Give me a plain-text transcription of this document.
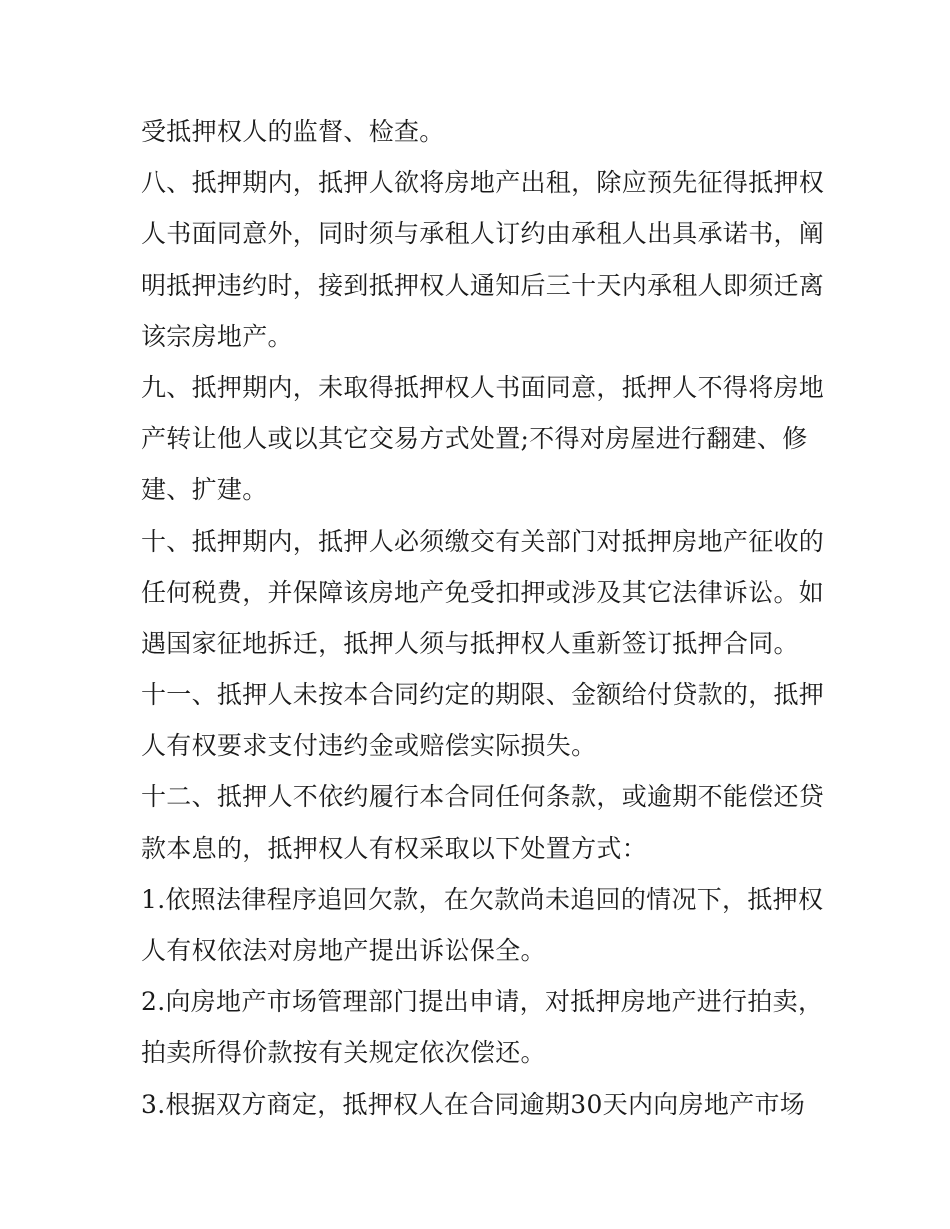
受抵押权人的监督、检查。
八、抵押期内，抵押人欲将房地产出租，除应预先征得抵押权
人书面同意外，同时须与承租人订约由承租人出具承诺书，阐
明抵押违约时，接到抵押权人通知后三十天内承租人即须迁离
该宗房地产。
九、抵押期内，未取得抵押权人书面同意，抵押人不得将房地
产转让他人或以其它交易方式处置;不得对房屋进行翻建、修
建、扩建。
十、抵押期内，抵押人必须缴交有关部门对抵押房地产征收的
任何税费，并保障该房地产免受扣押或涉及其它法律诉讼。如
遇国家征地拆迁，抵押人须与抵押权人重新签订抵押合同。
十一、抵押人未按本合同约定的期限、金额给付贷款的，抵押
人有权要求支付违约金或赔偿实际损失。
十二、抵押人不依约履行本合同任何条款，或逾期不能偿还贷
款本息的，抵押权人有权采取以下处置方式：
1.依照法律程序追回欠款，在欠款尚未追回的情况下，抵押权
人有权依法对房地产提出诉讼保全。
2.向房地产市场管理部门提出申请，对抵押房地产进行拍卖，
拍卖所得价款按有关规定依次偿还。
3.根据双方商定，抵押权人在合同逾期30天内向房地产市场
